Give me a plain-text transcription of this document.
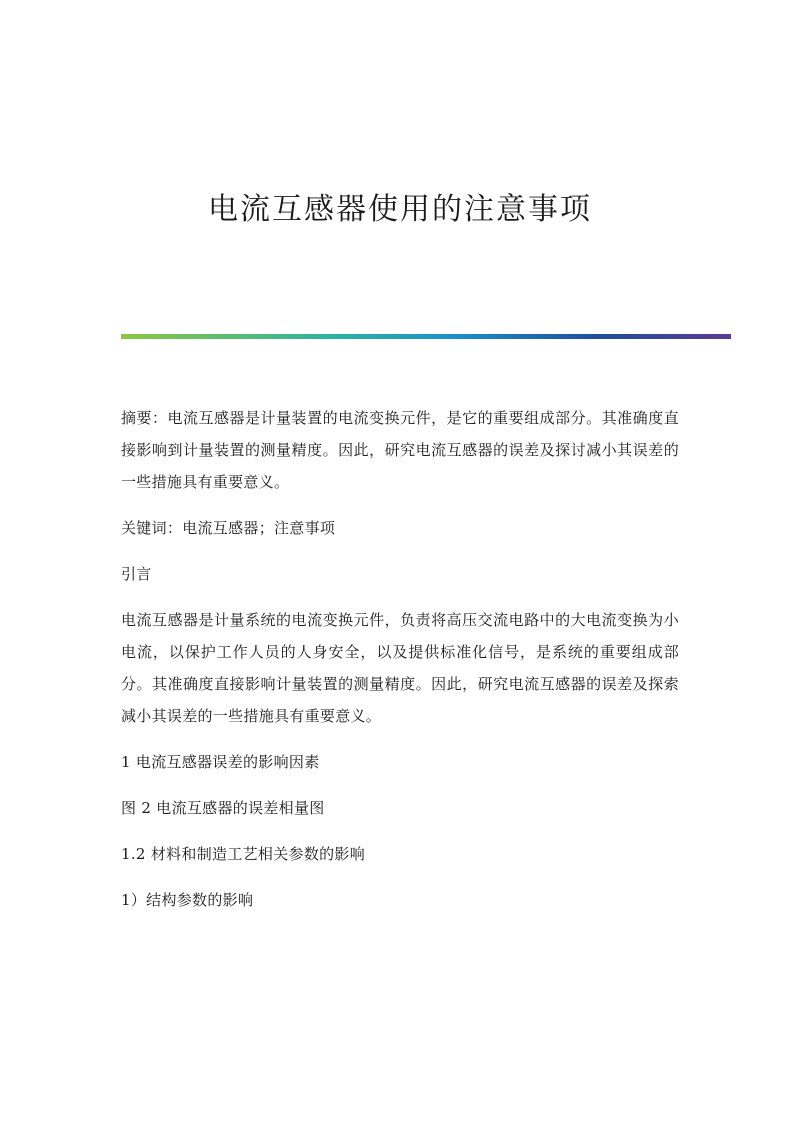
电流互感器使用的注意事项

摘要：电流互感器是计量装置的电流变换元件，是它的重要组成部分。其准确度直接影响到计量装置的测量精度。因此，研究电流互感器的误差及探讨减小其误差的一些措施具有重要意义。

关键词：电流互感器；注意事项

引言

电流互感器是计量系统的电流变换元件，负责将高压交流电路中的大电流变换为小电流，以保护工作人员的人身安全，以及提供标准化信号，是系统的重要组成部分。其准确度直接影响计量装置的测量精度。因此，研究电流互感器的误差及探索减小其误差的一些措施具有重要意义。

1 电流互感器误差的影响因素

图 2 电流互感器的误差相量图

1.2 材料和制造工艺相关参数的影响

1）结构参数的影响
